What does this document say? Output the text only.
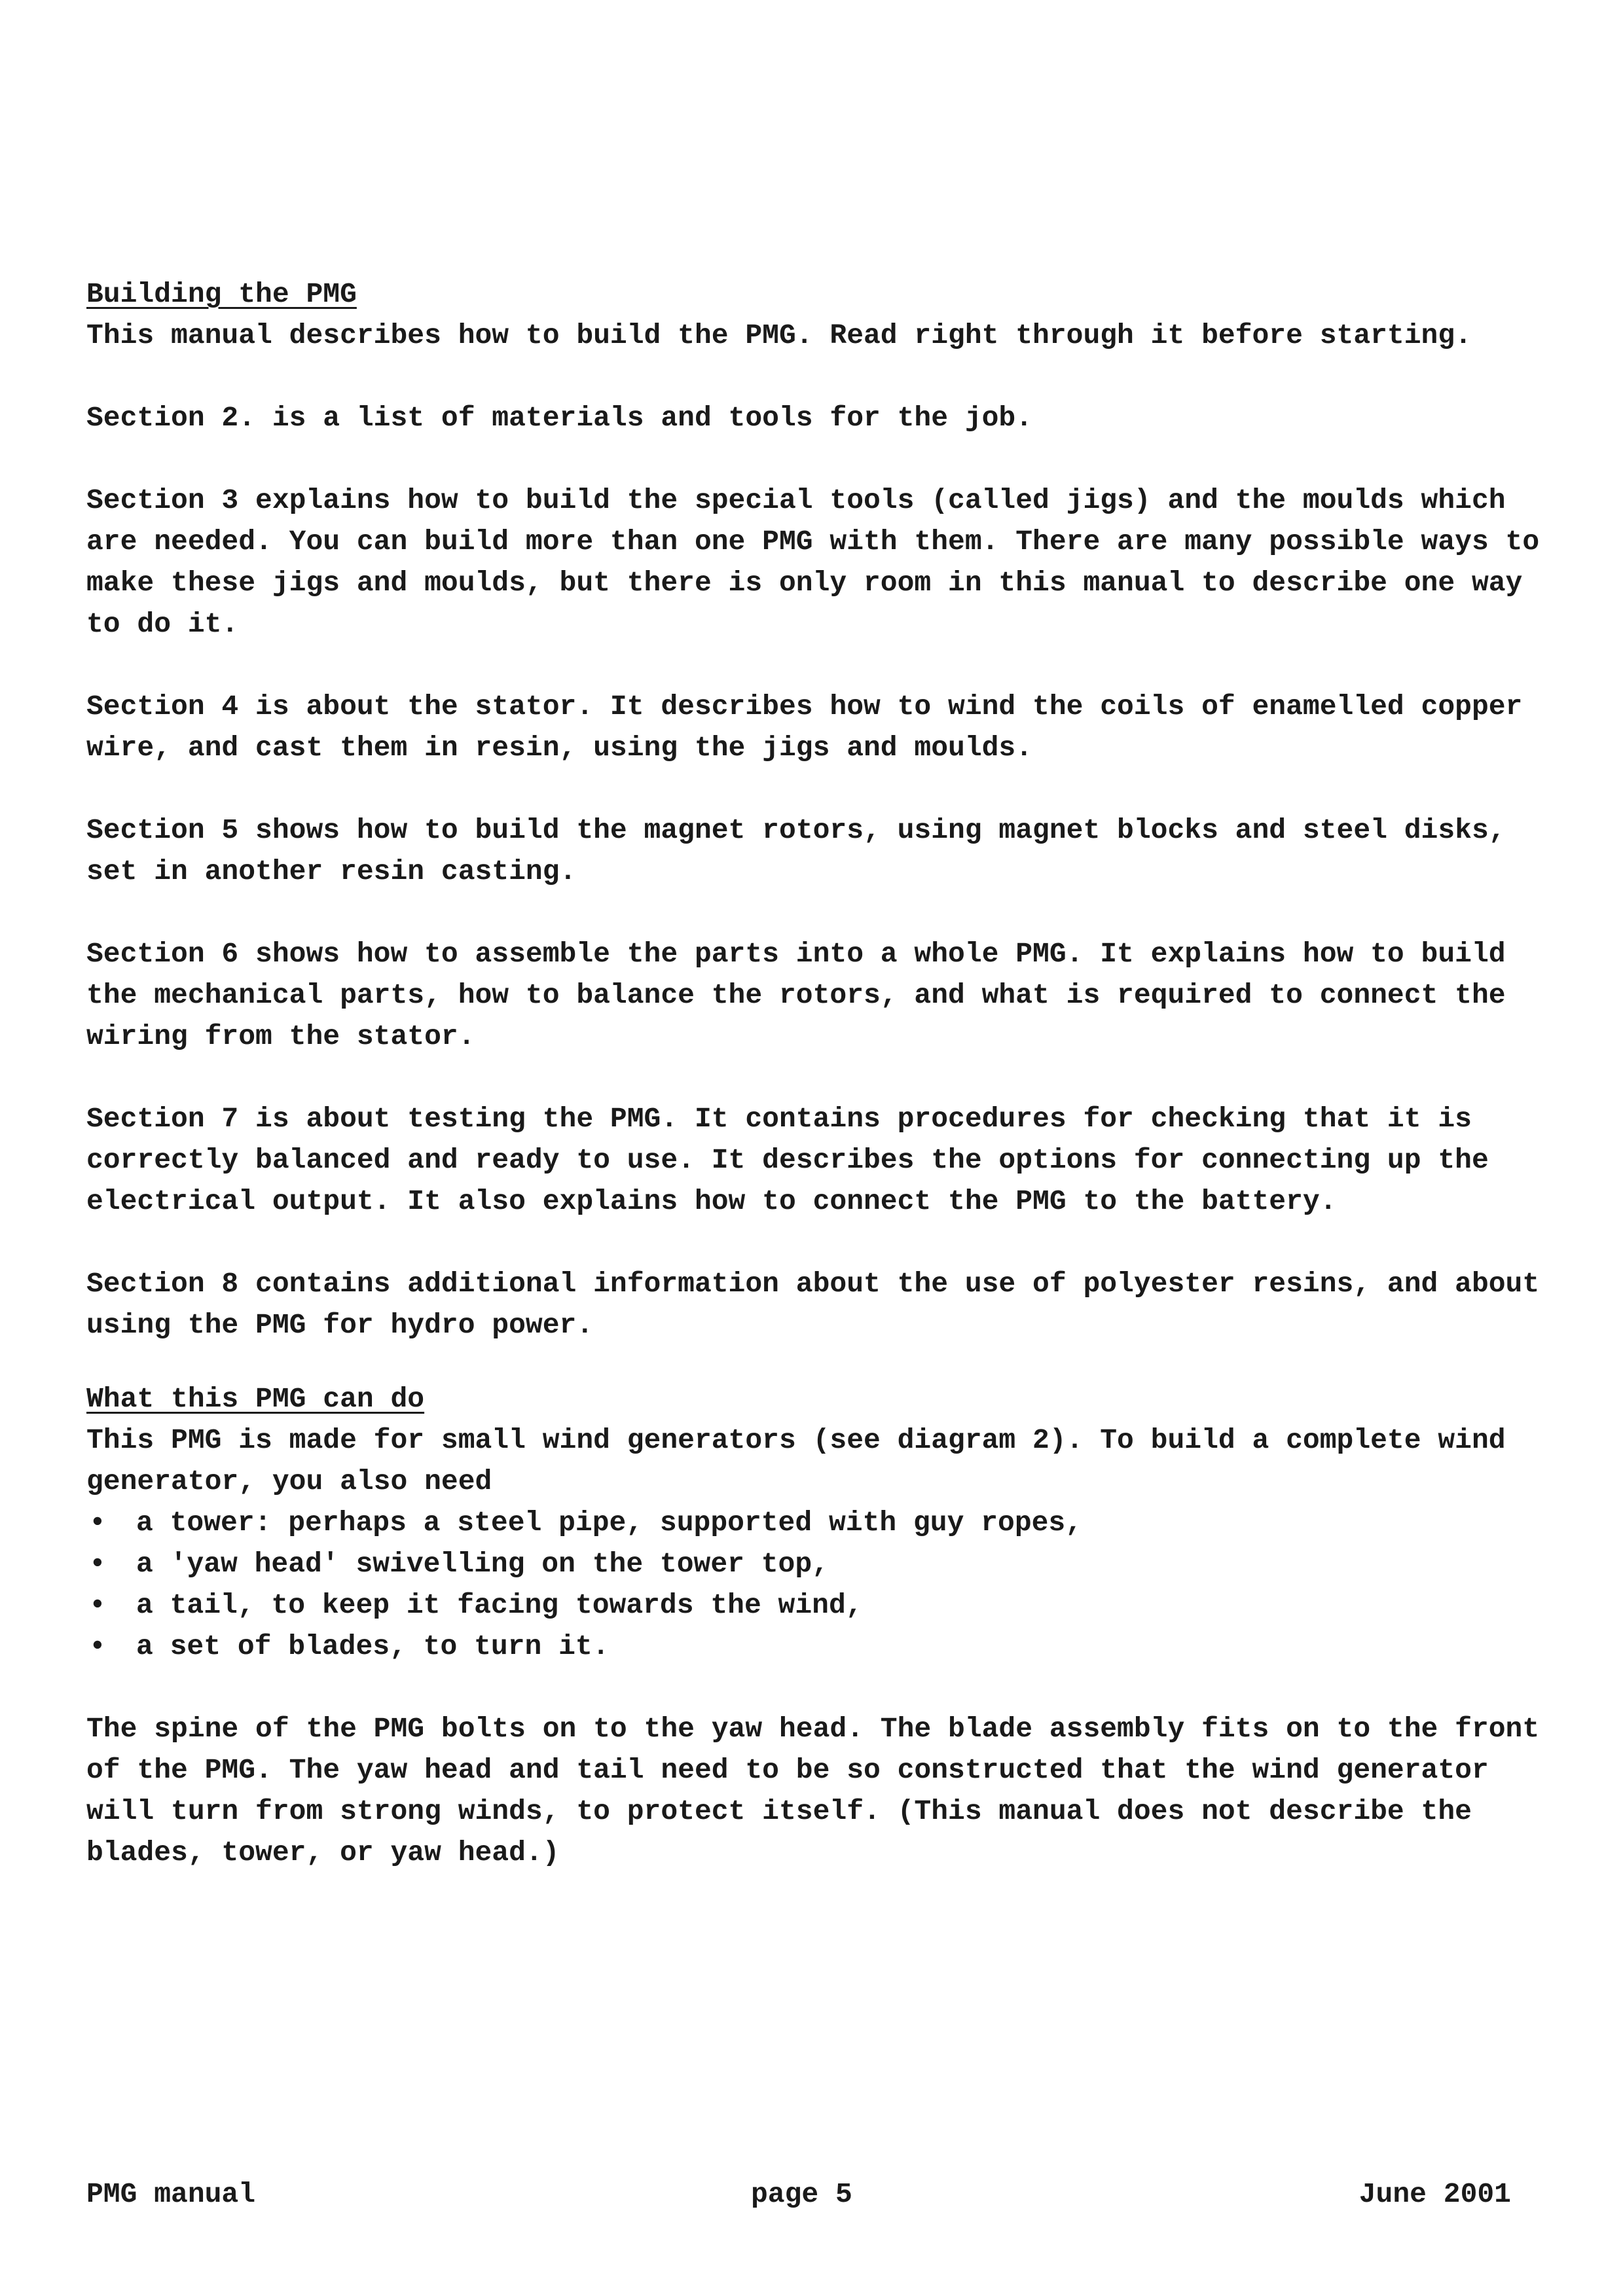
Building the PMG

This manual describes how to build the PMG. Read right through it before starting.

Section 2. is a list of materials and tools for the job.

Section 3 explains how to build the special tools (called jigs) and the moulds which are needed. You can build more than one PMG with them. There are many possible ways to make these jigs and moulds, but there is only room in this manual to describe one way to do it.

Section 4 is about the stator. It describes how to wind the coils of enamelled copper wire, and cast them in resin, using the jigs and moulds.

Section 5 shows how to build the magnet rotors, using magnet blocks and steel disks, set in another resin casting.

Section 6 shows how to assemble the parts into a whole PMG. It explains how to build the mechanical parts, how to balance the rotors, and what is required to connect the wiring from the stator.

Section 7 is about testing the PMG. It contains procedures for checking that it is correctly balanced and ready to use. It describes the options for connecting up the electrical output. It also explains how to connect the PMG to the battery.

Section 8 contains additional information about the use of polyester resins, and about using the PMG for hydro power.

What this PMG can do

This PMG is made for small wind generators (see diagram 2). To build a complete wind generator, you also need

• a tower: perhaps a steel pipe, supported with guy ropes,
• a 'yaw head' swivelling on the tower top,
• a tail, to keep it facing towards the wind,
• a set of blades, to turn it.

The spine of the PMG bolts on to the yaw head. The blade assembly fits on to the front of the PMG. The yaw head and tail need to be so constructed that the wind generator will turn from strong winds, to protect itself. (This manual does not describe the blades, tower, or yaw head.)

PMG manual	page 5	June 2001
